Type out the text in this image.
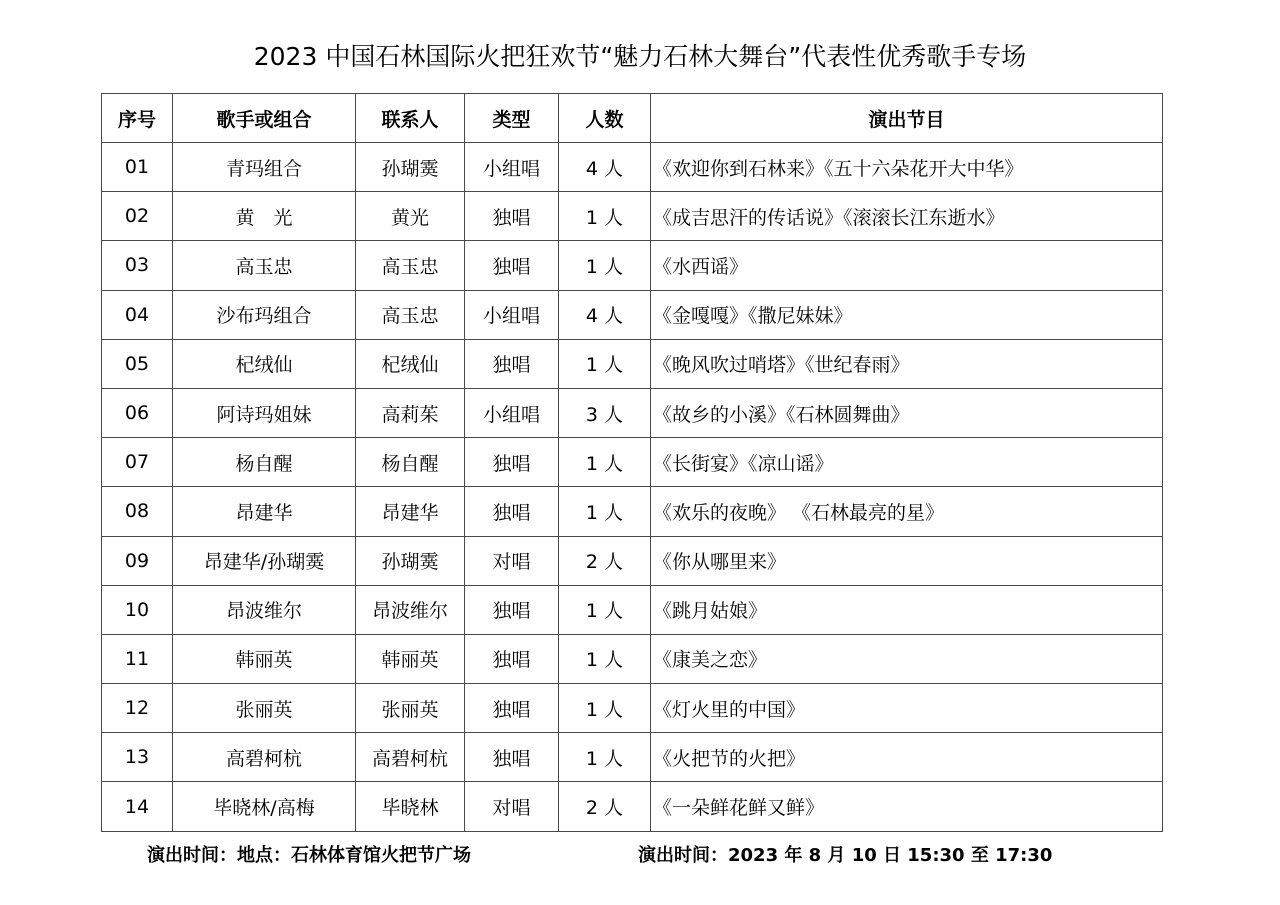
2023 中国石林国际火把狂欢节“魅力石林大舞台”代表性优秀歌手专场
序号	歌手或组合	联系人	类型	人数	演出节目
01	青玛组合	孙瑚霙	小组唱	4 人	《欢迎你到石林来》《五十六朵花开大中华》
02	黄　光	黄光	独唱	1 人	《成吉思汗的传话说》《滚滚长江东逝水》
03	高玉忠	高玉忠	独唱	1 人	《水西谣》
04	沙布玛组合	高玉忠	小组唱	4 人	《金嘎嘎》《撒尼妹妹》
05	杞绒仙	杞绒仙	独唱	1 人	《晚风吹过哨塔》《世纪春雨》
06	阿诗玛姐妹	高莉茱	小组唱	3 人	《故乡的小溪》《石林圆舞曲》
07	杨自醒	杨自醒	独唱	1 人	《长街宴》《凉山谣》
08	昂建华	昂建华	独唱	1 人	《欢乐的夜晚》 《石林最亮的星》
09	昂建华/孙瑚霙	孙瑚霙	对唱	2 人	《你从哪里来》
10	昂波维尔	昂波维尔	独唱	1 人	《跳月姑娘》
11	韩丽英	韩丽英	独唱	1 人	《康美之恋》
12	张丽英	张丽英	独唱	1 人	《灯火里的中国》
13	高碧柯杭	高碧柯杭	独唱	1 人	《火把节的火把》
14	毕晓林/高梅	毕晓林	对唱	2 人	《一朵鲜花鲜又鲜》
演出时间：地点：石林体育馆火把节广场	演出时间：2023 年 8 月 10 日 15:30 至 17:30
